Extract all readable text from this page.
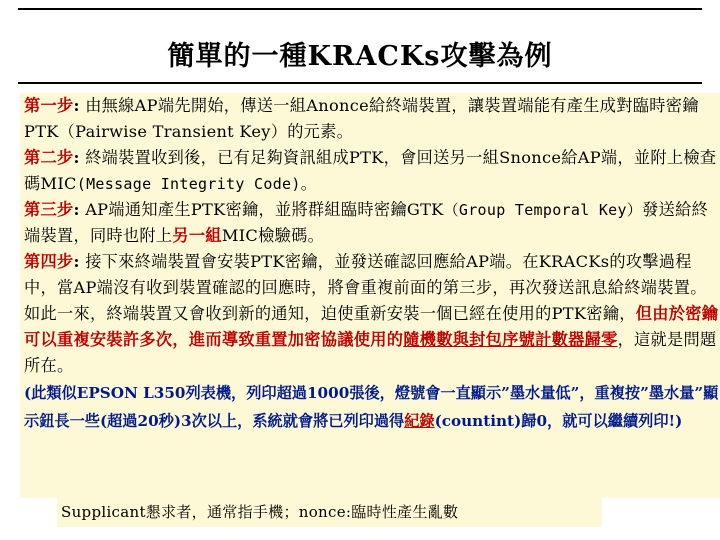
簡單的一種KRACKs攻擊為例

第一步: 由無線AP端先開始，傳送一組Anonce給終端裝置，讓裝置端能有產生成對臨時密鑰PTK（Pairwise Transient Key）的元素。

第二步: 終端裝置收到後，已有足夠資訊組成PTK，會回送另一組Snonce給AP端，並附上檢查碼MIC(Message Integrity Code)。

第三步: AP端通知產生PTK密鑰，並將群組臨時密鑰GTK（Group Temporal Key）發送給終端裝置，同時也附上另一組MIC檢驗碼。

第四步: 接下來終端裝置會安裝PTK密鑰，並發送確認回應給AP端。在KRACKs的攻擊過程中，當AP端沒有收到裝置確認的回應時，將會重複前面的第三步，再次發送訊息給終端裝置。如此一來，終端裝置又會收到新的通知，迫使重新安裝一個已經在使用的PTK密鑰，但由於密鑰可以重複安裝許多次，進而導致重置加密協議使用的隨機數與封包序號計數器歸零，這就是問題所在。

(此類似EPSON L350列表機，列印超過1000張後，燈號會一直顯示”墨水量低”，重複按”墨水量”顯示鈕長一些(超過20秒)3次以上，系統就會將已列印過得紀錄(countint)歸0，就可以繼續列印!)

Supplicant懇求者，通常指手機；nonce:臨時性產生亂數
